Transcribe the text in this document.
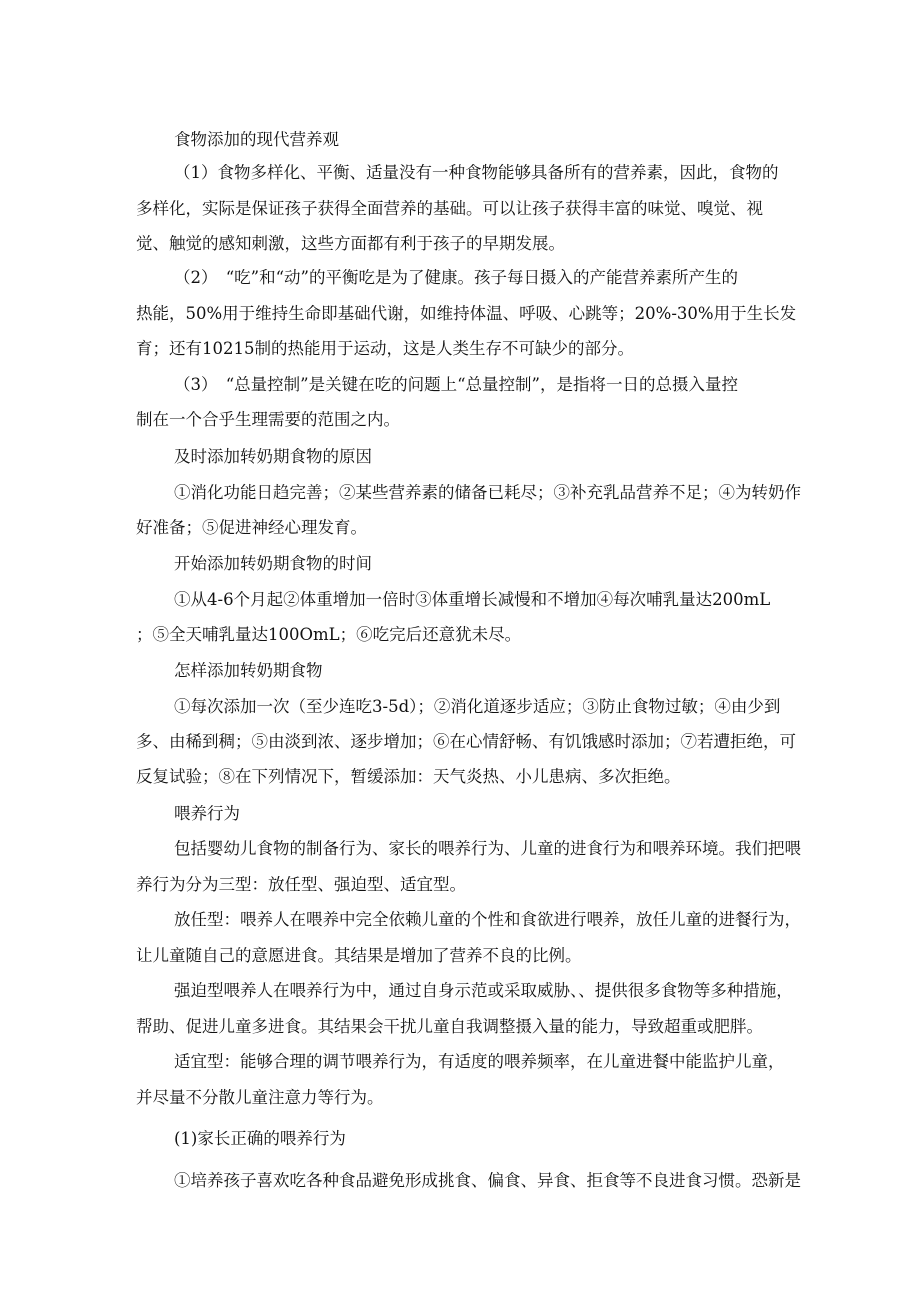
食物添加的现代营养观
（1）食物多样化、平衡、适量没有一种食物能够具备所有的营养素，因此，食物的
多样化，实际是保证孩子获得全面营养的基础。可以让孩子获得丰富的味觉、嗅觉、视
觉、触觉的感知刺激，这些方面都有利于孩子的早期发展。
（2）　“吃”和“动”的平衡吃是为了健康。孩子每日摄入的产能营养素所产生的
热能，50%用于维持生命即基础代谢，如维持体温、呼吸、心跳等；20%-30%用于生长发
育；还有10215制的热能用于运动，这是人类生存不可缺少的部分。
（3）　“总量控制”是关键在吃的问题上“总量控制”，是指将一日的总摄入量控
制在一个合乎生理需要的范围之内。
及时添加转奶期食物的原因
①消化功能日趋完善；②某些营养素的储备已耗尽；③补充乳品营养不足；④为转奶作
好准备；⑤促进神经心理发育。
开始添加转奶期食物的时间
①从4-6个月起②体重增加一倍时③体重增长减慢和不增加④每次哺乳量达200mL
；⑤全天哺乳量达100OmL；⑥吃完后还意犹未尽。
怎样添加转奶期食物
①每次添加一次（至少连吃3-5d）；②消化道逐步适应；③防止食物过敏；④由少到
多、由稀到稠；⑤由淡到浓、逐步增加；⑥在心情舒畅、有饥饿感时添加；⑦若遭拒绝，可
反复试验；⑧在下列情况下，暂缓添加：天气炎热、小儿患病、多次拒绝。
喂养行为
包括婴幼儿食物的制备行为、家长的喂养行为、儿童的进食行为和喂养环境。我们把喂
养行为分为三型：放任型、强迫型、适宜型。
放任型：喂养人在喂养中完全依赖儿童的个性和食欲进行喂养，放任儿童的进餐行为，
让儿童随自己的意愿进食。其结果是增加了营养不良的比例。
强迫型喂养人在喂养行为中，通过自身示范或采取威胁、、提供很多食物等多种措施，
帮助、促进儿童多进食。其结果会干扰儿童自我调整摄入量的能力，导致超重或肥胖。
适宜型：能够合理的调节喂养行为，有适度的喂养频率，在儿童进餐中能监护儿童，
并尽量不分散儿童注意力等行为。
(1)家长正确的喂养行为
①培养孩子喜欢吃各种食品避免形成挑食、偏食、异食、拒食等不良进食习惯。恐新是
